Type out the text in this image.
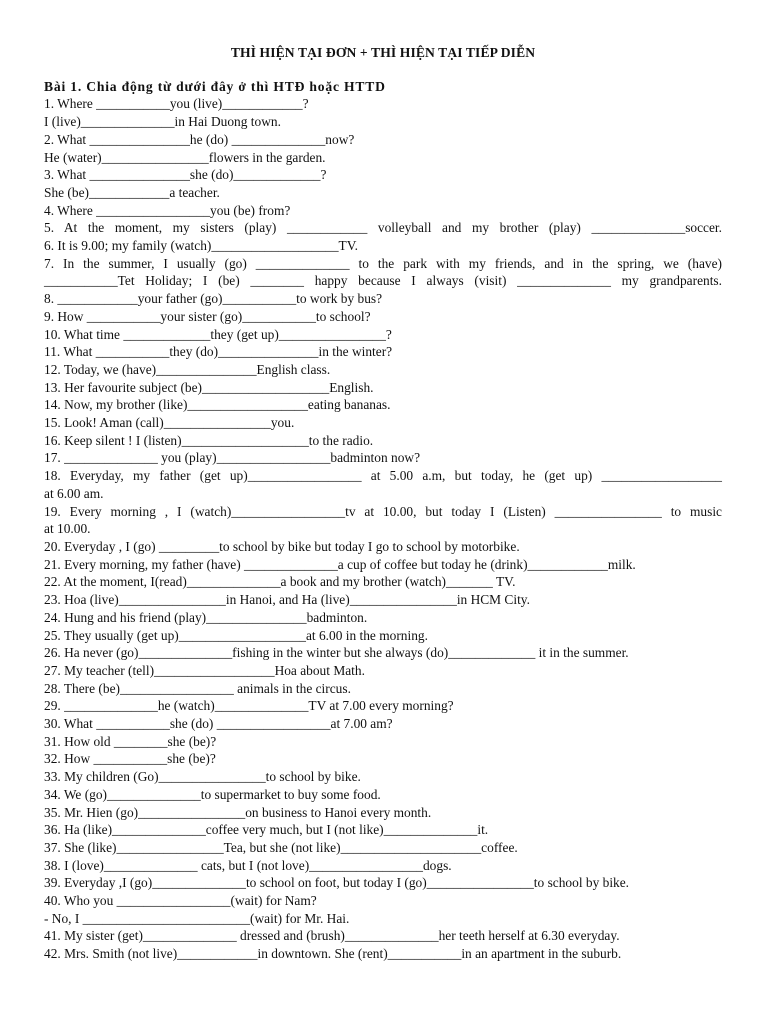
THÌ HIỆN TẠI ĐƠN + THÌ HIỆN TẠI TIẾP DIỄN
Bài 1. Chia động từ dưới đây ở thì HTĐ hoặc HTTD

1. Where ___________you (live)____________?

I (live)______________in Hai Duong town.

2. What _______________he (do) ______________now?

He (water)________________flowers in the garden.

3. What _______________she (do)_____________?

She (be)____________a teacher.

4. Where _________________you (be) from?

5. At the moment, my sisters (play) ____________ volleyball and my brother (play) ______________soccer.

6. It is 9.00; my family (watch)___________________TV.

7. In the summer, I usually (go) ______________ to the park with my friends, and in the spring, we (have)

___________Tet Holiday; I (be) ________ happy because I always (visit) ______________ my grandparents.

8. ____________your father (go)___________to work by bus?

9. How ___________your sister (go)___________to school?

10. What time _____________they (get up)________________?

11. What ___________they (do)_______________in the winter?

12. Today, we (have)_______________English class.

13. Her favourite subject (be)___________________English.

14. Now, my brother (like)__________________eating bananas.

15. Look! Aman (call)________________you.

16. Keep silent ! I (listen)___________________to the radio.

17. ______________ you (play)_________________badminton now?

18. Everyday, my father (get up)_________________ at 5.00 a.m, but today, he (get up) __________________

at 6.00 am.

19. Every morning , I (watch)_________________tv at 10.00, but today I (Listen) ________________ to music

at 10.00.

20. Everyday , I (go) _________to school by bike but today I go to school by motorbike.

21. Every morning, my father (have) ______________a cup of coffee but today he (drink)____________milk.

22. At the moment, I(read)______________a book and my brother (watch)_______ TV.

23. Hoa (live)________________in Hanoi, and Ha (live)________________in HCM City.

24. Hung and his friend (play)_______________badminton.

25. They usually (get up)___________________at 6.00 in the morning.

26. Ha never (go)______________fishing in the winter but she always (do)_____________ it in the summer.

27. My teacher (tell)__________________Hoa about Math.

28. There (be)_________________ animals in the circus.

29. ______________he (watch)______________TV at 7.00 every morning?

30. What ___________she (do) _________________at 7.00 am?

31. How old ________she (be)?

32. How ___________she (be)?

33. My children (Go)________________to school by bike.

34. We (go)______________to supermarket to buy some food.

35. Mr. Hien (go)________________on business to Hanoi every month.

36. Ha (like)______________coffee very much, but I (not like)______________it.

37. She (like)________________Tea, but she (not like)_____________________coffee.

38. I (love)______________ cats, but I (not love)_________________dogs.

39. Everyday ,I (go)______________to school on foot, but today I (go)________________to school by bike.

40. Who you _________________(wait) for Nam?

- No, I _________________________(wait) for Mr. Hai.

41. My sister (get)______________ dressed and (brush)______________her teeth herself at 6.30 everyday.

42. Mrs. Smith (not live)____________in downtown. She (rent)___________in an apartment in the suburb.
